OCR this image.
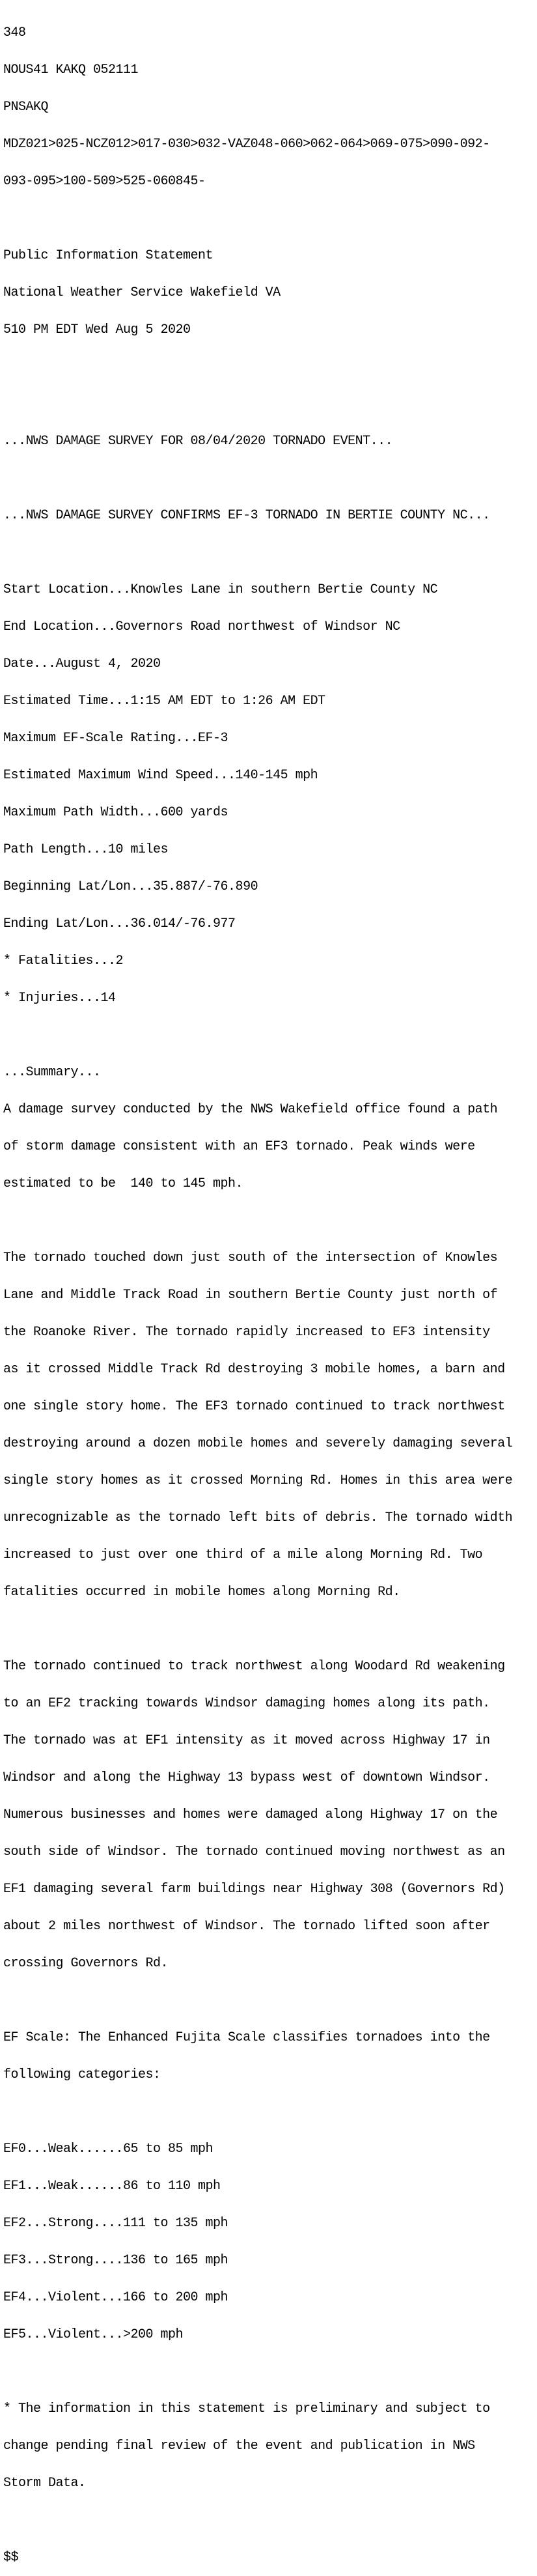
348

NOUS41 KAKQ 052111

PNSAKQ

MDZ021>025-NCZ012>017-030>032-VAZ048-060>062-064>069-075>090-092-

093-095>100-509>525-060845-

Public Information Statement

National Weather Service Wakefield VA

510 PM EDT Wed Aug 5 2020

...NWS DAMAGE SURVEY FOR 08/04/2020 TORNADO EVENT...

...NWS DAMAGE SURVEY CONFIRMS EF-3 TORNADO IN BERTIE COUNTY NC...

Start Location...Knowles Lane in southern Bertie County NC

End Location...Governors Road northwest of Windsor NC

Date...August 4, 2020

Estimated Time...1:15 AM EDT to 1:26 AM EDT

Maximum EF-Scale Rating...EF-3

Estimated Maximum Wind Speed...140-145 mph

Maximum Path Width...600 yards

Path Length...10 miles

Beginning Lat/Lon...35.887/-76.890

Ending Lat/Lon...36.014/-76.977

* Fatalities...2

* Injuries...14

...Summary...

A damage survey conducted by the NWS Wakefield office found a path

of storm damage consistent with an EF3 tornado. Peak winds were

estimated to be  140 to 145 mph.

The tornado touched down just south of the intersection of Knowles

Lane and Middle Track Road in southern Bertie County just north of

the Roanoke River. The tornado rapidly increased to EF3 intensity

as it crossed Middle Track Rd destroying 3 mobile homes, a barn and

one single story home. The EF3 tornado continued to track northwest

destroying around a dozen mobile homes and severely damaging several

single story homes as it crossed Morning Rd. Homes in this area were

unrecognizable as the tornado left bits of debris. The tornado width

increased to just over one third of a mile along Morning Rd. Two

fatalities occurred in mobile homes along Morning Rd.

The tornado continued to track northwest along Woodard Rd weakening

to an EF2 tracking towards Windsor damaging homes along its path.

The tornado was at EF1 intensity as it moved across Highway 17 in

Windsor and along the Highway 13 bypass west of downtown Windsor.

Numerous businesses and homes were damaged along Highway 17 on the

south side of Windsor. The tornado continued moving northwest as an

EF1 damaging several farm buildings near Highway 308 (Governors Rd)

about 2 miles northwest of Windsor. The tornado lifted soon after

crossing Governors Rd.

EF Scale: The Enhanced Fujita Scale classifies tornadoes into the

following categories:

EF0...Weak......65 to 85 mph

EF1...Weak......86 to 110 mph

EF2...Strong....111 to 135 mph

EF3...Strong....136 to 165 mph

EF4...Violent...166 to 200 mph

EF5...Violent...>200 mph

* The information in this statement is preliminary and subject to

change pending final review of the event and publication in NWS

Storm Data.

$$
